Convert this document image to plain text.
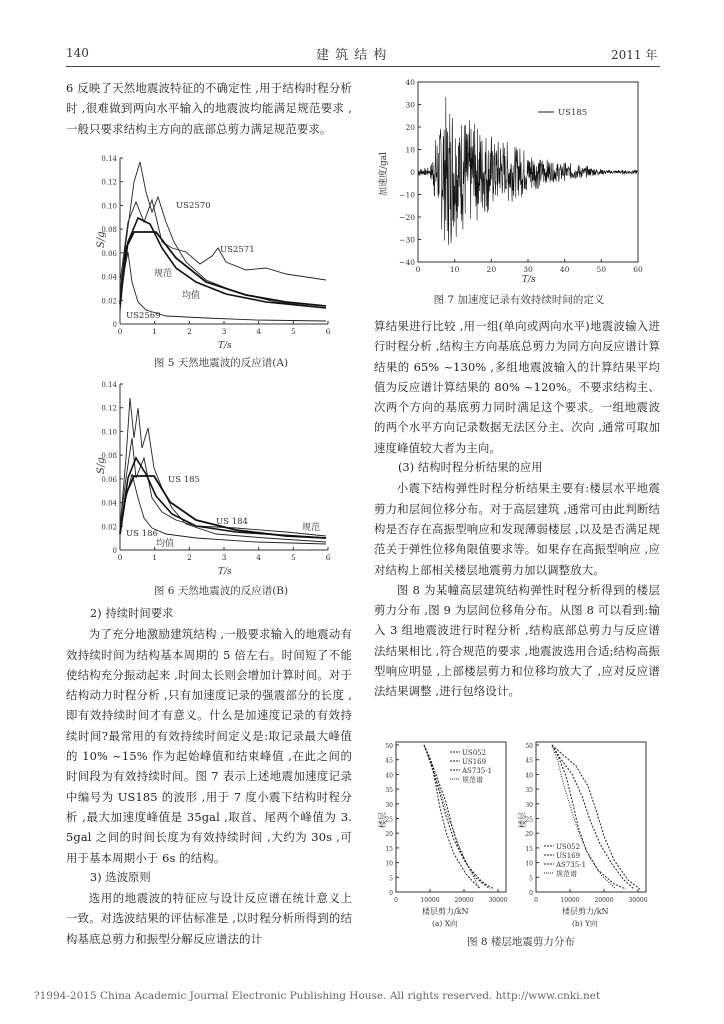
140	建 筑 结 构	2011 年

6 反映了天然地震波特征的不确定性 ,用于结构时程分析时 ,很难做到两向水平输入的地震波均能满足规范要求 ,一般只要求结构主方向的底部总剪力满足规范要求。

0.14
0.12
0.10
0.08
0.06
0.04
0.02
0
0	1	2	3	4	5	6
S/g
T/s
US2570
US2571
规范
均值
US2569
图 5 天然地震波的反应谱(A)
0.14
0.12
0.10
0.08
0.06
0.04
0.02
0
0	1	2	3	4	5	6
S/g
T/s
US 185
US 184
US 186
规范
均值
图 6 天然地震波的反应谱(B)

2) 持续时间要求

为了充分地激励建筑结构 ,一般要求输入的地震动有效持续时间为结构基本周期的 5 倍左右。时间短了不能使结构充分振动起来 ,时间太长则会增加计算时间。对于结构动力时程分析 ,只有加速度记录的强震部分的长度 ,即有效持续时间才有意义。什么是加速度记录的有效持续时间?最常用的有效持续时间定义是:取记录最大峰值的 10% ~15% 作为起始峰值和结束峰值 ,在此之间的时间段为有效持续时间。图 7 表示上述地震加速度记录中编号为 US185 的波形 ,用于 7 度小震下结构时程分析 ,最大加速度峰值是 35gal ,取首、尾两个峰值为 3. 5gal 之间的时间长度为有效持续时间 ,大约为 30s ,可用于基本周期小于 6s 的结构。

3) 选波原则

选用的地震波的特征应与设计反应谱在统计意义上一致。对选波结果的评估标准是 ,以时程分析所得到的结构基底总剪力和振型分解反应谱法的计

40
30
20
10
0
−10
−20
−30
−40
0	10	20	30	40	50	60
加速度/gal
T/s
US185
图 7 加速度记录有效持续时间的定义

算结果进行比较 ,用一组(单向或两向水平)地震波输入进行时程分析 ,结构主方向基底总剪力为同方向反应谱计算结果的 65% ~130% ,多组地震波输入的计算结果平均值为反应谱计算结果的 80% ~120%。不要求结构主、次两个方向的基底剪力同时满足这个要求。一组地震波的两个水平方向记录数据无法区分主、次向 ,通常可取加速度峰值较大者为主向。

(3) 结构时程分析结果的应用

小震下结构弹性时程分析结果主要有:楼层水平地震剪力和层间位移分布。对于高层建筑 ,通常可由此判断结构是否存在高振型响应和发现薄弱楼层 ,以及是否满足规范关于弹性位移角限值要求等。如果存在高振型响应 ,应对结构上部相关楼层地震剪力加以调整放大。

图 8 为某幢高层建筑结构弹性时程分析得到的楼层剪力分布 ,图 9 为层间位移角分布。从图 8 可以看到:输入 3 组地震波进行时程分析 ,结构底部总剪力与反应谱法结果相比 ,符合规范的要求 ,地震波选用合适;结构高振型响应明显 ,上部楼层剪力和位移均放大了 ,应对反应谱法结果调整 ,进行包络设计。

50
45
40
35
30
25
20
15
10
5
0
0	10000 20000 30000
楼层
楼层剪力/kN
(a) X向
US052
US169
AS735-1
规范谱
50
45
40
35
30
25
20
15
10
5
0
0	10000 20000 30000
楼层
楼层剪力/kN
(b) Y向
US052
US169
AS735-1
规范谱
图 8 楼层地震剪力分布
?1994-2015 China Academic Journal Electronic Publishing House. All rights reserved. http://www.cnki.net
